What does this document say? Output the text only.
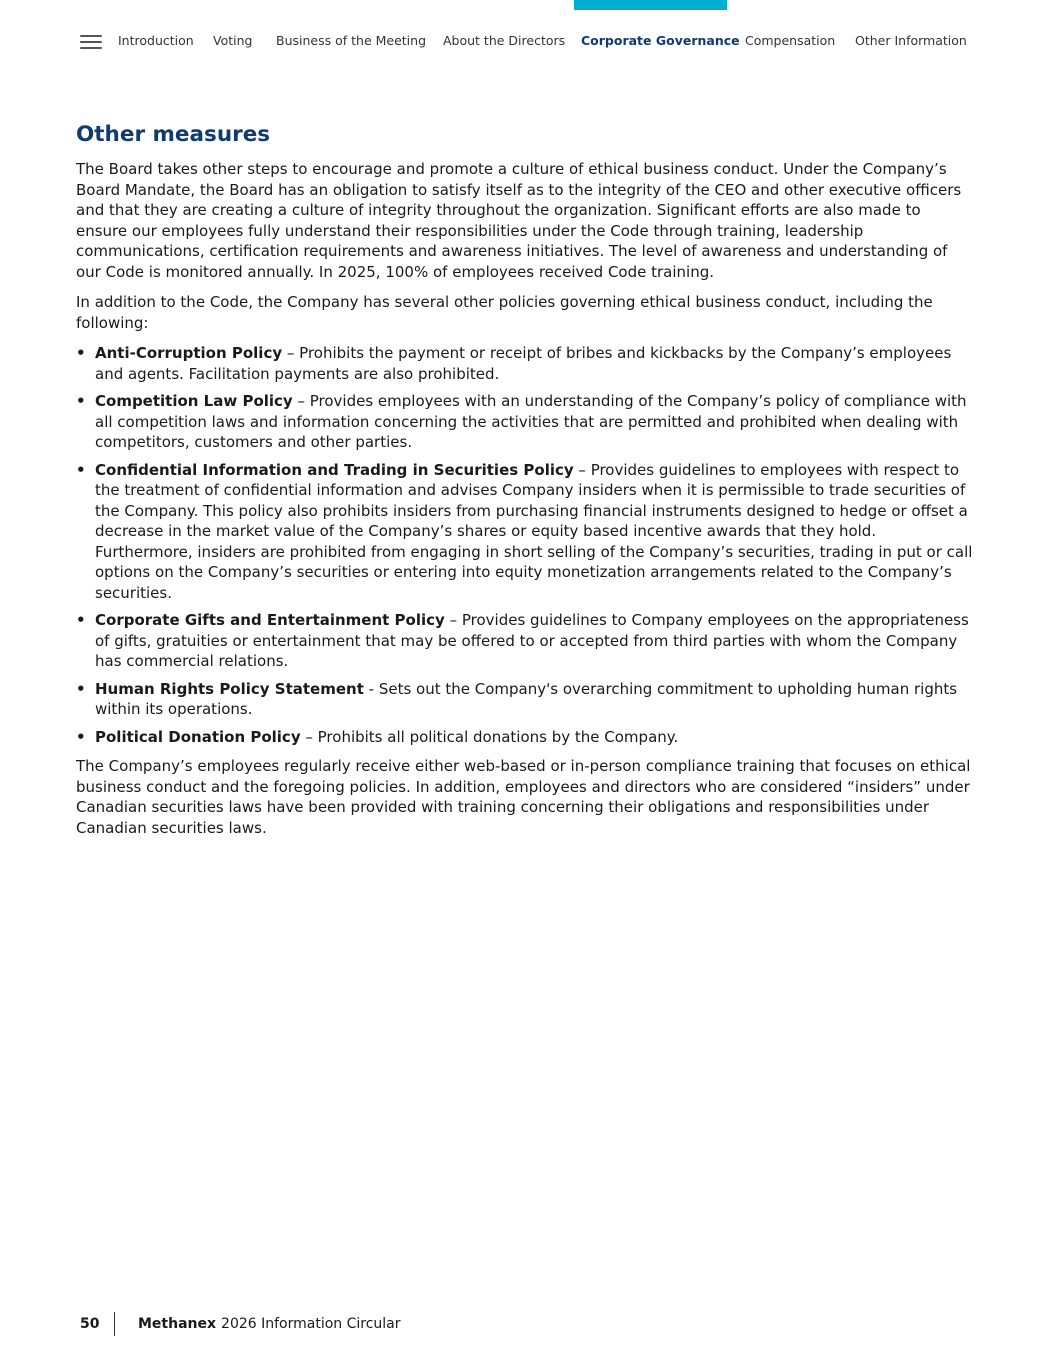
Introduction Voting Business of the Meeting About the Directors Corporate Governance Compensation Other Information
Other measures

The Board takes other steps to encourage and promote a culture of ethical business conduct. Under the Company’s Board Mandate, the Board has an obligation to satisfy itself as to the integrity of the CEO and other executive officers and that they are creating a culture of integrity throughout the organization. Significant efforts are also made to ensure our employees fully understand their responsibilities under the Code through training, leadership communications, certification requirements and awareness initiatives. The level of awareness and understanding of our Code is monitored annually. In 2025, 100% of employees received Code training.

In addition to the Code, the Company has several other policies governing ethical business conduct, including the following:

• Anti-Corruption Policy – Prohibits the payment or receipt of bribes and kickbacks by the Company’s employees and agents. Facilitation payments are also prohibited.
• Competition Law Policy – Provides employees with an understanding of the Company’s policy of compliance with all competition laws and information concerning the activities that are permitted and prohibited when dealing with competitors, customers and other parties.
• Confidential Information and Trading in Securities Policy – Provides guidelines to employees with respect to the treatment of confidential information and advises Company insiders when it is permissible to trade securities of the Company. This policy also prohibits insiders from purchasing financial instruments designed to hedge or offset a decrease in the market value of the Company’s shares or equity based incentive awards that they hold. Furthermore, insiders are prohibited from engaging in short selling of the Company’s securities, trading in put or call options on the Company’s securities or entering into equity monetization arrangements related to the Company’s securities.
• Corporate Gifts and Entertainment Policy – Provides guidelines to Company employees on the appropriateness of gifts, gratuities or entertainment that may be offered to or accepted from third parties with whom the Company has commercial relations.
• Human Rights Policy Statement - Sets out the Company's overarching commitment to upholding human rights within its operations.
• Political Donation Policy – Prohibits all political donations by the Company.

The Company’s employees regularly receive either web-based or in-person compliance training that focuses on ethical business conduct and the foregoing policies. In addition, employees and directors who are considered “insiders” under Canadian securities laws have been provided with training concerning their obligations and responsibilities under Canadian securities laws.

50	Methanex 2026 Information Circular
